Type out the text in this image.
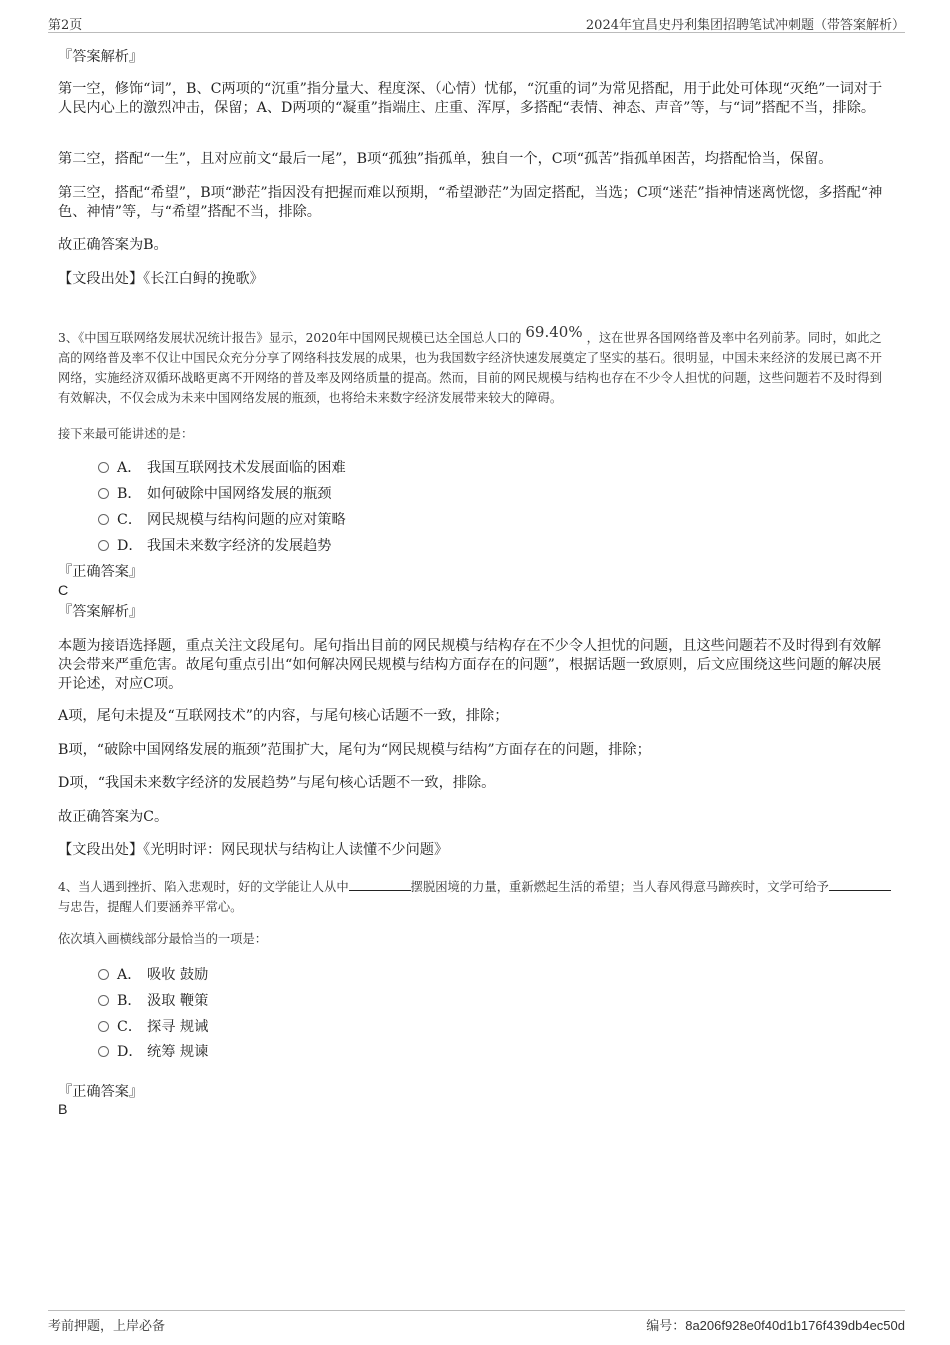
第2页	2024年宜昌史丹利集团招聘笔试冲刺题（带答案解析）
『答案解析』
第一空，修饰“词”，B、C两项的“沉重”指分量大、程度深、（心情）忧郁，“沉重的词”为常见搭配，用于此处可体现“灭绝”一词对于人民内心上的激烈冲击，保留；A、D两项的“凝重”指端庄、庄重、浑厚，多搭配“表情、神态、声音”等，与“词”搭配不当，排除。
第二空，搭配“一生”，且对应前文“最后一尾”，B项“孤独”指孤单，独自一个，C项“孤苦”指孤单困苦，均搭配恰当，保留。
第三空，搭配“希望”，B项“渺茫”指因没有把握而难以预期，“希望渺茫”为固定搭配，当选；C项“迷茫”指神情迷离恍惚，多搭配“神色、神情”等，与“希望”搭配不当，排除。
故正确答案为B。
【文段出处】《长江白鲟的挽歌》
3、《中国互联网络发展状况统计报告》显示，2020年中国网民规模已达全国总人口的 69.40% ，这在世界各国网络普及率中名列前茅。同时，如此之高的网络普及率不仅让中国民众充分分享了网络科技发展的成果，也为我国数字经济快速发展奠定了坚实的基石。很明显，中国未来经济的发展已离不开网络，实施经济双循环战略更离不开网络的普及率及网络质量的提高。然而，目前的网民规模与结构也存在不少令人担忧的问题，这些问题若不及时得到有效解决，不仅会成为未来中国网络发展的瓶颈，也将给未来数字经济发展带来较大的障碍。
接下来最可能讲述的是：
A． 我国互联网技术发展面临的困难
B． 如何破除中国网络发展的瓶颈
C． 网民规模与结构问题的应对策略
D． 我国未来数字经济的发展趋势
『正确答案』
C
『答案解析』
本题为接语选择题，重点关注文段尾句。尾句指出目前的网民规模与结构存在不少令人担忧的问题，且这些问题若不及时得到有效解决会带来严重危害。故尾句重点引出“如何解决网民规模与结构方面存在的问题”，根据话题一致原则，后文应围绕这些问题的解决展开论述，对应C项。
A项，尾句未提及“互联网技术”的内容，与尾句核心话题不一致，排除；
B项，“破除中国网络发展的瓶颈”范围扩大，尾句为“网民规模与结构”方面存在的问题，排除；
D项，“我国未来数字经济的发展趋势”与尾句核心话题不一致，排除。
故正确答案为C。
【文段出处】《光明时评：网民现状与结构让人读懂不少问题》
4、当人遇到挫折、陷入悲观时，好的文学能让人从中	摆脱困境的力量，重新燃起生活的希望；当人春风得意马蹄疾时，文学可给予与忠告，提醒人们要涵养平常心。
依次填入画横线部分最恰当的一项是：
A． 吸收 鼓励
B． 汲取 鞭策
C． 探寻 规诫
D． 统筹 规谏
『正确答案』
B
考前押题，上岸必备	编号：8a206f928e0f40d1b176f439db4ec50d
